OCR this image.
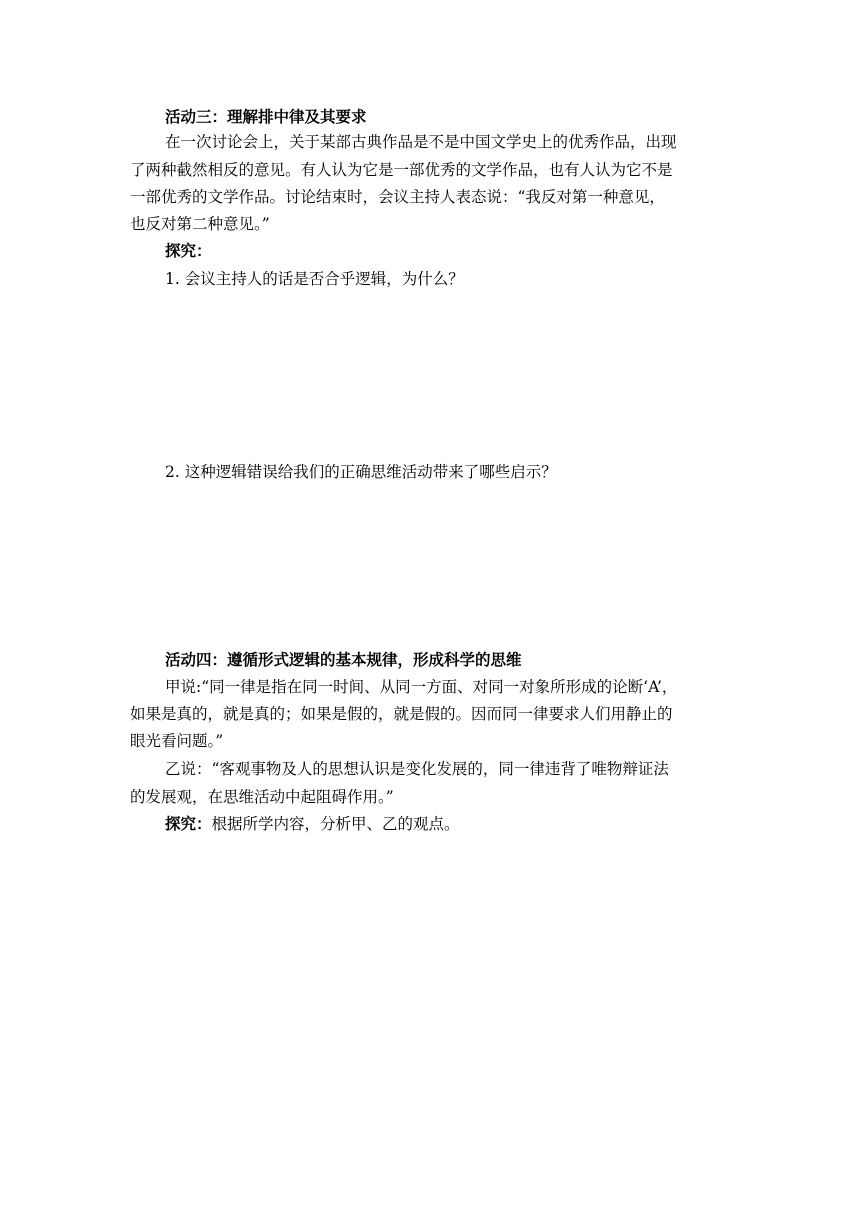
活动三：理解排中律及其要求
在一次讨论会上，关于某部古典作品是不是中国文学史上的优秀作品，出现
了两种截然相反的意见。有人认为它是一部优秀的文学作品，也有人认为它不是
一部优秀的文学作品。讨论结束时，会议主持人表态说：“我反对第一种意见，
也反对第二种意见。”
探究：
1. 会议主持人的话是否合乎逻辑，为什么？
2. 这种逻辑错误给我们的正确思维活动带来了哪些启示？
活动四：遵循形式逻辑的基本规律，形成科学的思维
甲说:“同一律是指在同一时间、从同一方面、对同一对象所形成的论断‘A’，
如果是真的，就是真的；如果是假的，就是假的。因而同一律要求人们用静止的
眼光看问题。”
乙说：“客观事物及人的思想认识是变化发展的，同一律违背了唯物辩证法
的发展观，在思维活动中起阻碍作用。”
探究：根据所学内容，分析甲、乙的观点。
